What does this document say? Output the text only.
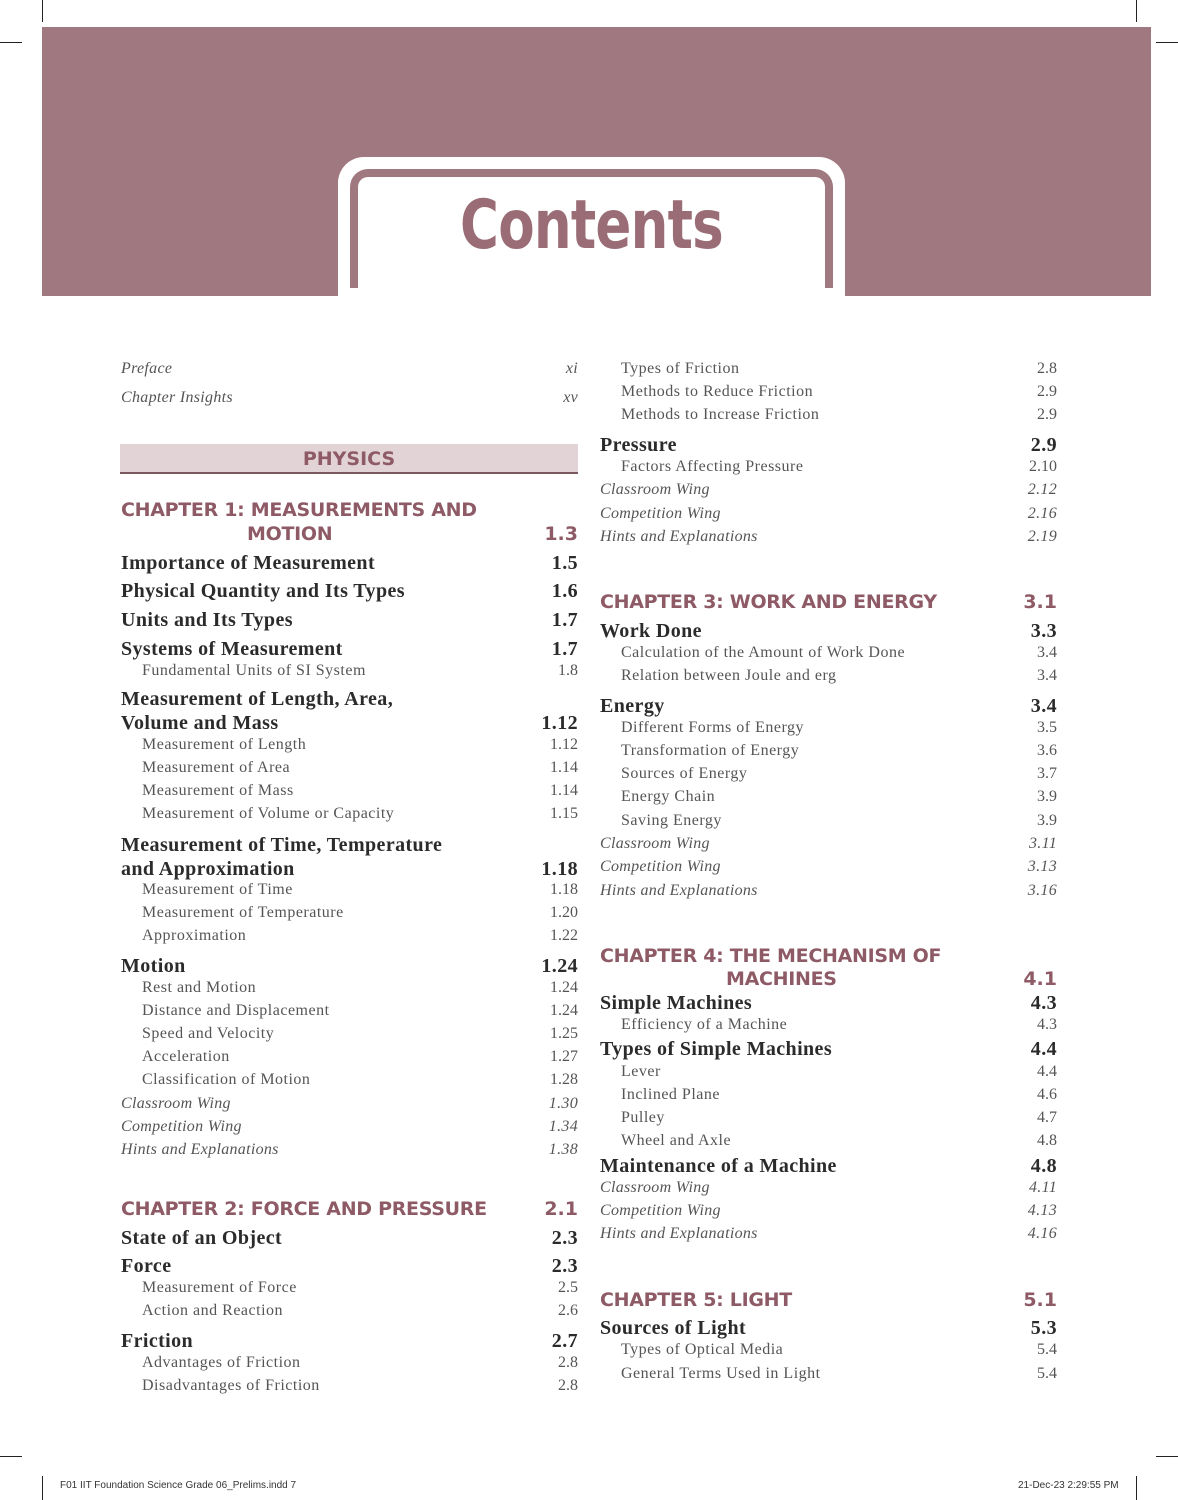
Contents
PHYSICS
Preface	xi
Chapter Insights	xv
CHAPTER 1: MEASUREMENTS AND
MOTION	1.3
Importance of Measurement	1.5
Physical Quantity and Its Types	1.6
Units and Its Types	1.7
Systems of Measurement	1.7
Fundamental Units of SI System	1.8
Measurement of Length, Area,
Volume and Mass	1.12
Measurement of Length	1.12
Measurement of Area	1.14
Measurement of Mass	1.14
Measurement of Volume or Capacity	1.15
Measurement of Time, Temperature
and Approximation	1.18
Measurement of Time	1.18
Measurement of Temperature	1.20
Approximation	1.22
Motion	1.24
Rest and Motion	1.24
Distance and Displacement	1.24
Speed and Velocity	1.25
Acceleration	1.27
Classification of Motion	1.28
Classroom Wing	1.30
Competition Wing	1.34
Hints and Explanations	1.38
CHAPTER 2: FORCE AND PRESSURE	2.1
State of an Object	2.3
Force	2.3
Measurement of Force	2.5
Action and Reaction	2.6
Friction	2.7
Advantages of Friction	2.8
Disadvantages of Friction	2.8
Types of Friction	2.8
Methods to Reduce Friction	2.9
Methods to Increase Friction	2.9
Pressure	2.9
Factors Affecting Pressure	2.10
Classroom Wing	2.12
Competition Wing	2.16
Hints and Explanations	2.19
CHAPTER 3: WORK AND ENERGY	3.1
Work Done	3.3
Calculation of the Amount of Work Done	3.4
Relation between Joule and erg	3.4
Energy	3.4
Different Forms of Energy	3.5
Transformation of Energy	3.6
Sources of Energy	3.7
Energy Chain	3.9
Saving Energy	3.9
Classroom Wing	3.11
Competition Wing	3.13
Hints and Explanations	3.16
CHAPTER 4: THE MECHANISM OF
MACHINES	4.1
Simple Machines	4.3
Efficiency of a Machine	4.3
Types of Simple Machines	4.4
Lever	4.4
Inclined Plane	4.6
Pulley	4.7
Wheel and Axle	4.8
Maintenance of a Machine	4.8
Classroom Wing	4.11
Competition Wing	4.13
Hints and Explanations	4.16
CHAPTER 5: LIGHT	5.1
Sources of Light	5.3
Types of Optical Media	5.4
General Terms Used in Light	5.4
F01 IIT Foundation Science Grade 06_Prelims.indd 7	21-Dec-23 2:29:55 PM
